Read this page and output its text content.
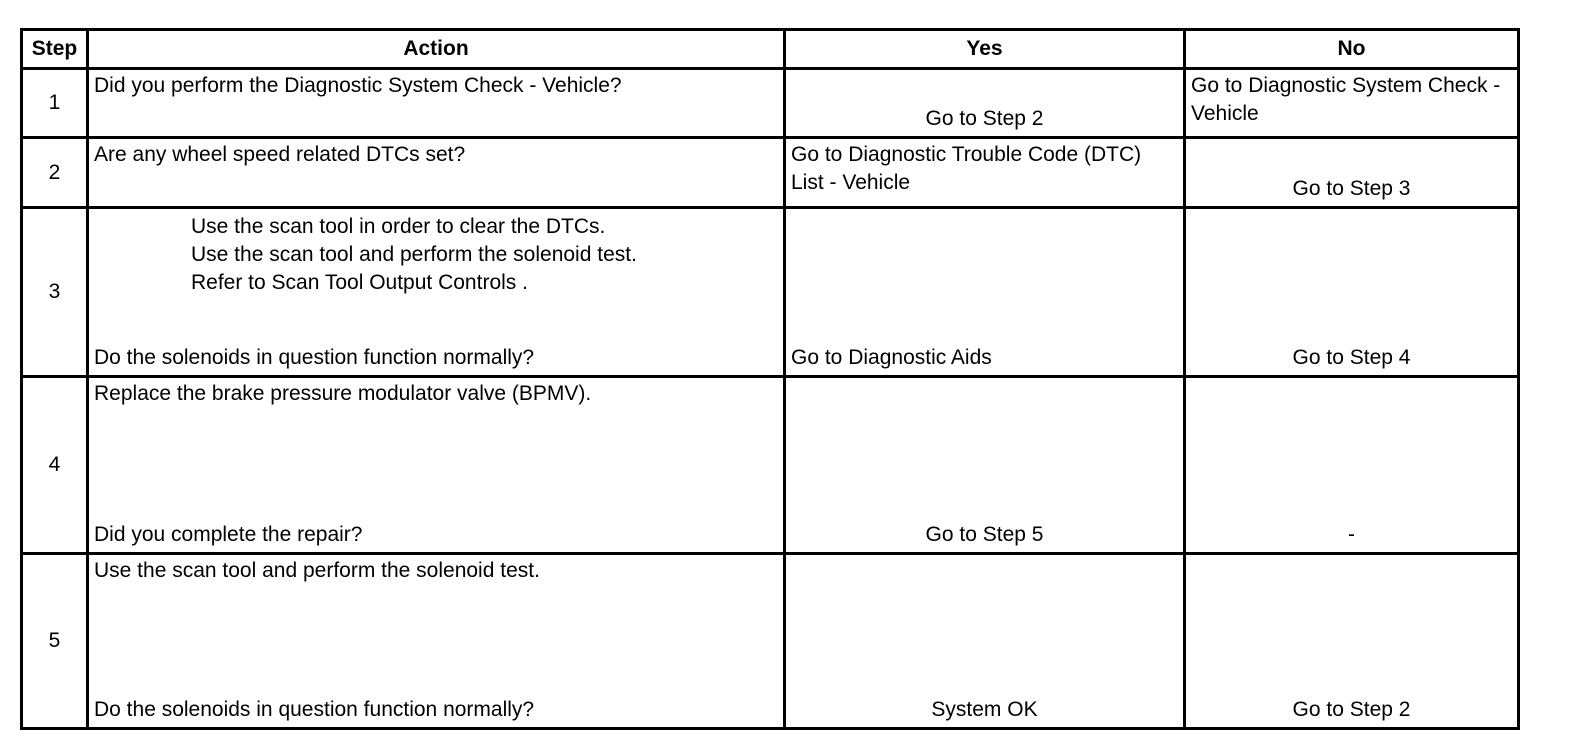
Step	Action	Yes	No

1	Did you perform the Diagnostic System Check - Vehicle?	Go to Step 2	Go to Diagnostic System Check - Vehicle

2	Are any wheel speed related DTCs set?	Go to Diagnostic Trouble Code (DTC) List - Vehicle	Go to Step 3

3	Use the scan tool in order to clear the DTCs.
Use the scan tool and perform the solenoid test.
Refer to Scan Tool Output Controls .
Do the solenoids in question function normally?	Go to Diagnostic Aids	Go to Step 4

4	Replace the brake pressure modulator valve (BPMV).
Did you complete the repair?	Go to Step 5	-

5	Use the scan tool and perform the solenoid test.
Do the solenoids in question function normally?	System OK	Go to Step 2
